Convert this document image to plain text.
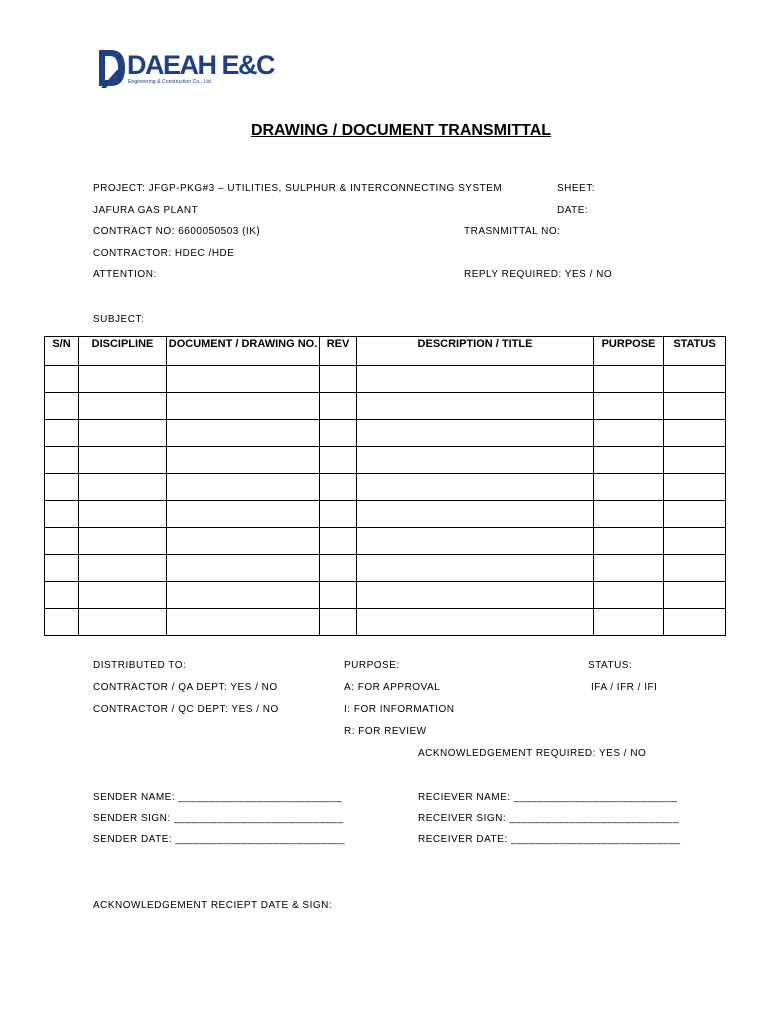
DAEAH E&C
Engineering & Construction Co., Ltd.
DRAWING / DOCUMENT TRANSMITTAL
PROJECT: JFGP-PKG#3 – UTILITIES, SULPHUR & INTERCONNECTING SYSTEM	SHEET:
JAFURA GAS PLANT	DATE:
CONTRACT NO: 6600050503 (IK)	TRASNMITTAL NO:
CONTRACTOR: HDEC /HDE
ATTENTION:	REPLY REQUIRED: YES / NO
SUBJECT:
S/N	DISCIPLINE	DOCUMENT / DRAWING NO.	REV	DESCRIPTION / TITLE	PURPOSE	STATUS

DISTRIBUTED TO:	PURPOSE:	STATUS:
CONTRACTOR / QA DEPT: YES / NO	A: FOR APPROVAL	IFA / IFR / IFI
CONTRACTOR / QC DEPT: YES / NO	I: FOR INFORMATION
R: FOR REVIEW
ACKNOWLEDGEMENT REQUIRED: YES / NO
SENDER NAME: ___________________________	RECIEVER NAME: ___________________________
SENDER SIGN: ____________________________	RECEIVER SIGN: ____________________________
SENDER DATE: ____________________________	RECEIVER DATE: ____________________________
ACKNOWLEDGEMENT RECIEPT DATE & SIGN:
